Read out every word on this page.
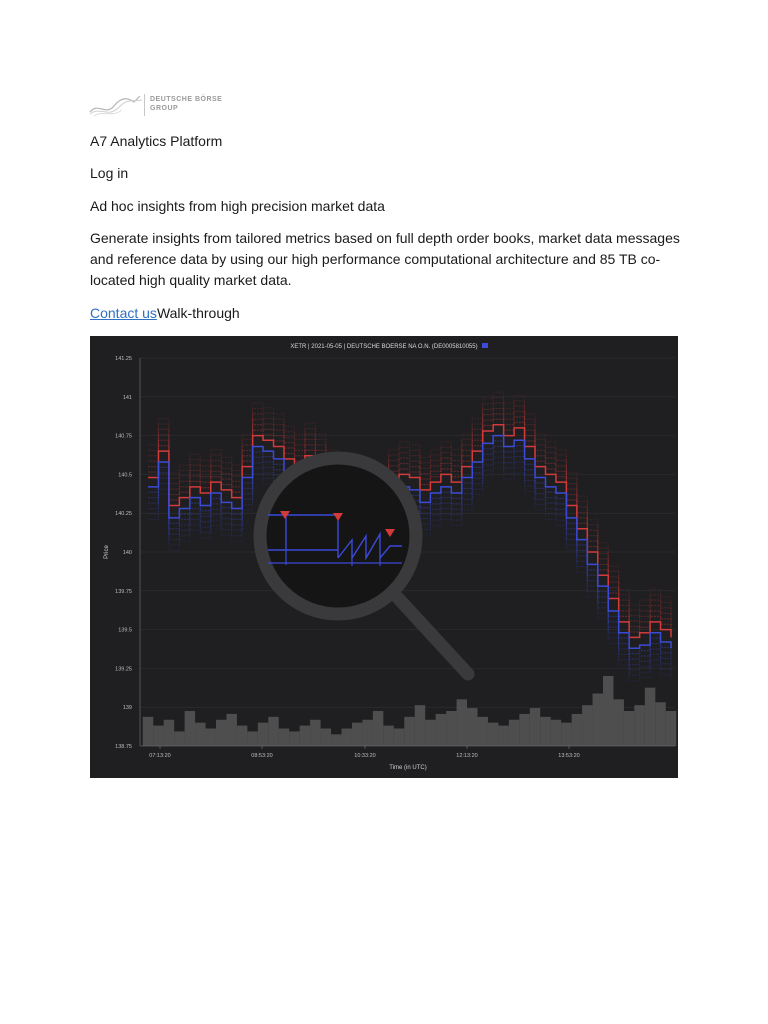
DEUTSCHE BÖRSE
GROUP

A7 Analytics Platform

Log in

Ad hoc insights from high precision market data

Generate insights from tailored metrics based on full depth order books, market data messages and reference data by using our high performance computational architecture and 85 TB co-located high quality market data.

Contact usWalk-through

XETR | 2021-05-05 | DEUTSCHE BOERSE NA O.N. (DE0005810055)
138.75
139
139.25
139.5
139.75
140
140.25
140.5
140.75
141
141.25
07:13:20	08:53:20	10:33:20	12:13:20	13:53:20
Price
Time (in UTC)
